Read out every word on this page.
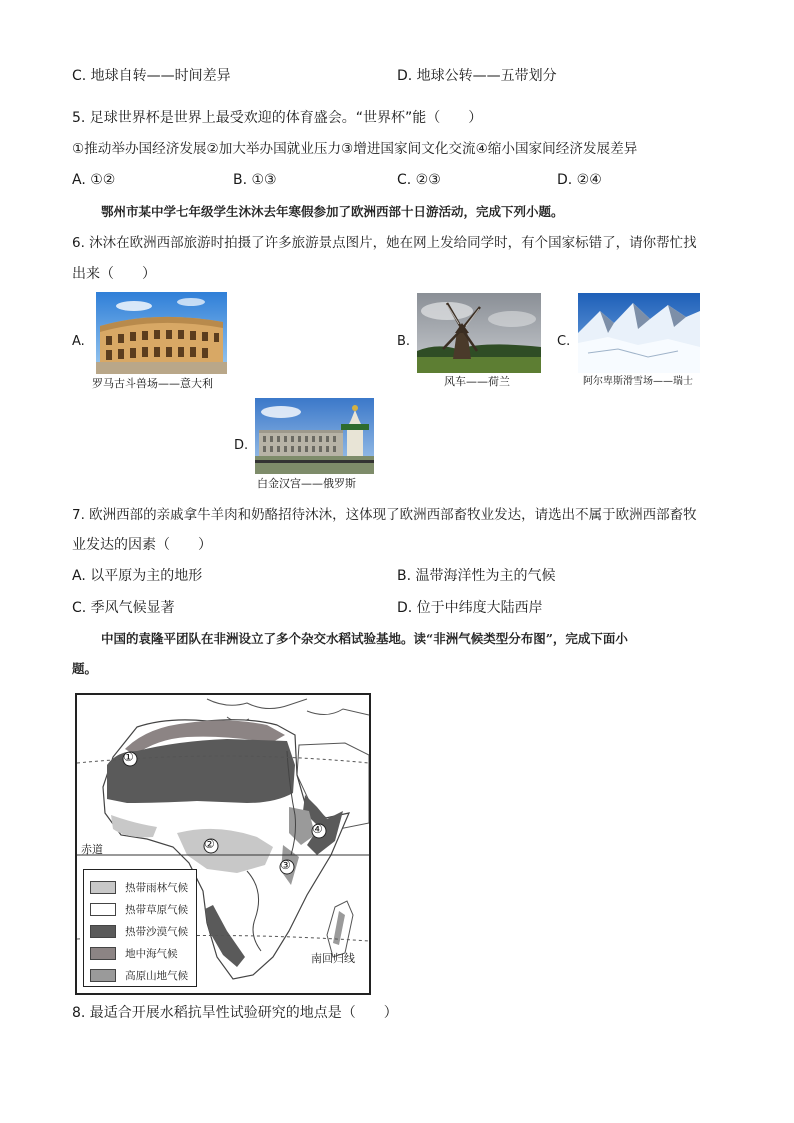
C. 地球自转——时间差异	D. 地球公转——五带划分
5. 足球世界杯是世界上最受欢迎的体育盛会。“世界杯”能（　　）
①推动举办国经济发展②加大举办国就业压力③增进国家间文化交流④缩小国家间经济发展差异
A. ①②	B. ①③	C. ②③	D. ②④
鄂州市某中学七年级学生沐沐去年寒假参加了欧洲西部十日游活动，完成下列小题。
6. 沐沐在欧洲西部旅游时拍摄了许多旅游景点图片，她在网上发给同学时，有个国家标错了，请你帮忙找
出来（　　）
A.
罗马古斗兽场——意大利
B.
风车——荷兰
C.
阿尔卑斯滑雪场——瑞士
D.
白金汉宫——俄罗斯
7. 欧洲西部的亲戚拿牛羊肉和奶酪招待沐沐，这体现了欧洲西部畜牧业发达，请选出不属于欧洲西部畜牧
业发达的因素（　　）
A. 以平原为主的地形	B. 温带海洋性为主的气候
C. 季风气候显著	D. 位于中纬度大陆西岸
中国的袁隆平团队在非洲设立了多个杂交水稻试验基地。读“非洲气候类型分布图”，完成下面小
题。
①
②
③
④
赤道
南回归线
热带雨林气候
热带草原气候
热带沙漠气候
地中海气候
高原山地气候
8. 最适合开展水稻抗旱性试验研究的地点是（　　）
